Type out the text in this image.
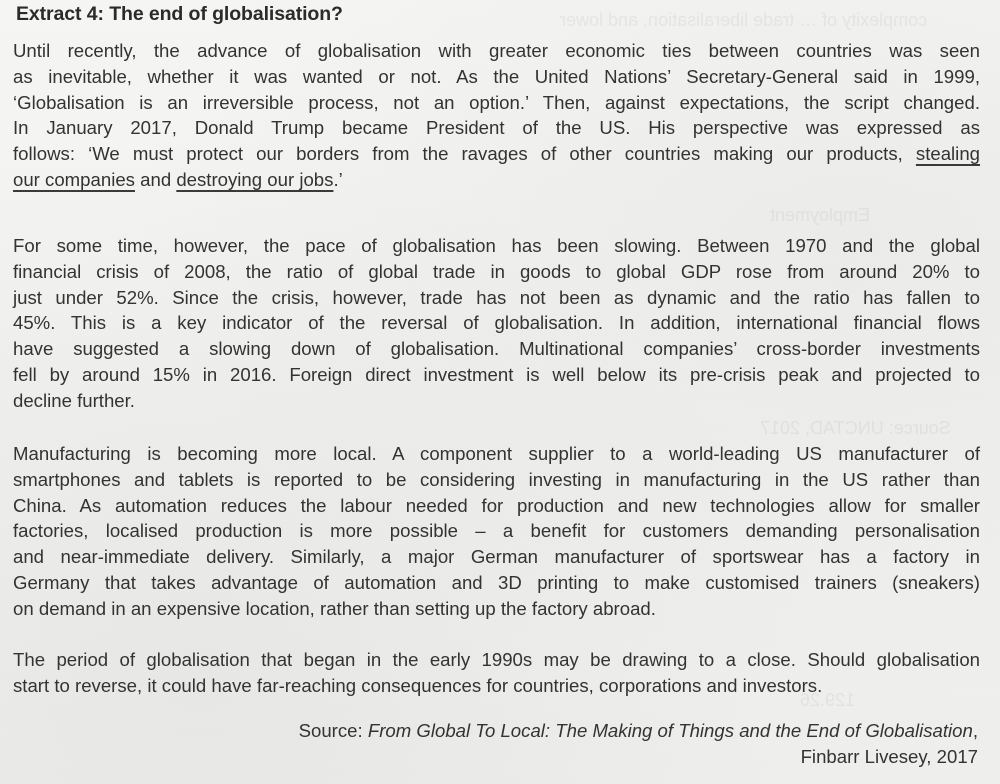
complexity of … trade liberalisation, and lower
Employment
Source: UNCTAD, 2017
129.26
Extract 4: The end of globalisation?
Until recently, the advance of globalisation with greater economic ties between countries was seen
as inevitable, whether it was wanted or not. As the United Nations’ Secretary-General said in 1999,
‘Globalisation is an irreversible process, not an option.’ Then, against expectations, the script changed.
In January 2017, Donald Trump became President of the US. His perspective was expressed as
follows: ‘We must protect our borders from the ravages of other countries making our products, stealing
our companies and destroying our jobs.’
For some time, however, the pace of globalisation has been slowing. Between 1970 and the global
financial crisis of 2008, the ratio of global trade in goods to global GDP rose from around 20% to
just under 52%. Since the crisis, however, trade has not been as dynamic and the ratio has fallen to
45%. This is a key indicator of the reversal of globalisation. In addition, international financial flows
have suggested a slowing down of globalisation. Multinational companies’ cross-border investments
fell by around 15% in 2016. Foreign direct investment is well below its pre-crisis peak and projected to
decline further.
Manufacturing is becoming more local. A component supplier to a world-leading US manufacturer of
smartphones and tablets is reported to be considering investing in manufacturing in the US rather than
China. As automation reduces the labour needed for production and new technologies allow for smaller
factories, localised production is more possible – a benefit for customers demanding personalisation
and near-immediate delivery. Similarly, a major German manufacturer of sportswear has a factory in
Germany that takes advantage of automation and 3D printing to make customised trainers (sneakers)
on demand in an expensive location, rather than setting up the factory abroad.
The period of globalisation that began in the early 1990s may be drawing to a close. Should globalisation
start to reverse, it could have far-reaching consequences for countries, corporations and investors.
Source: From Global To Local: The Making of Things and the End of Globalisation,
Finbarr Livesey, 2017
